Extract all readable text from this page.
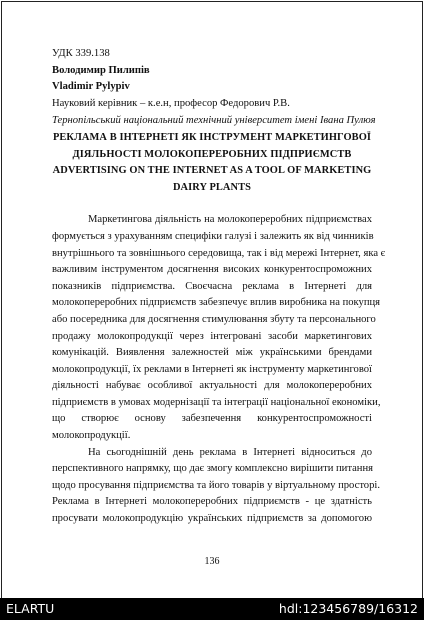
УДК 339.138
Володимир Пилипів
Vladimir Pylypiv
Науковий керівник – к.е.н, професор Федорович Р.В.
Тернопільський національний технічний університет імені Івана Пулюя
РЕКЛАМА В ІНТЕРНЕТІ ЯК ІНСТРУМЕНТ МАРКЕТИНГОВОЇ
ДІЯЛЬНОСТІ МОЛОКОПЕРЕРОБНИХ ПІДПРИЄМСТВ
ADVERTISING ON THE INTERNET AS A TOOL OF MARKETING
DAIRY PLANTS
Маркетингова діяльність на молокопереробних підприємствах
формується з урахуванням специфіки галузі і залежить як від чинників
внутрішнього та зовнішнього середовища, так і від мережі Інтернет, яка є
важливим інструментом досягнення високих конкурентоспроможних
показників підприємства. Своєчасна реклама в Інтернеті для
молокопереробних підприємств забезпечує вплив виробника на покупця
або посередника для досягнення стимулювання збуту та персонального
продажу молокопродукції через інтегровані засоби маркетингових
комунікацій. Виявлення залежностей між українськими брендами
молокопродукції, їх реклами в Інтернеті як інструменту маркетингової
діяльності набуває особливої актуальності для молокопереробних
підприємств в умовах модернізації та інтеграції національної економіки,
що створює основу забезпечення конкурентоспроможності
молокопродукції.
На сьогоднішній день реклама в Інтернеті відноситься до
перспективного напрямку, що дає змогу комплексно вирішити питання
щодо просування підприємства та його товарів у віртуальному просторі.
Реклама в Інтернеті молокопереробних підприємств - це здатність
просувати молокопродукцію українських підприємств за допомогою
136
ELARTU	hdl:123456789/16312
